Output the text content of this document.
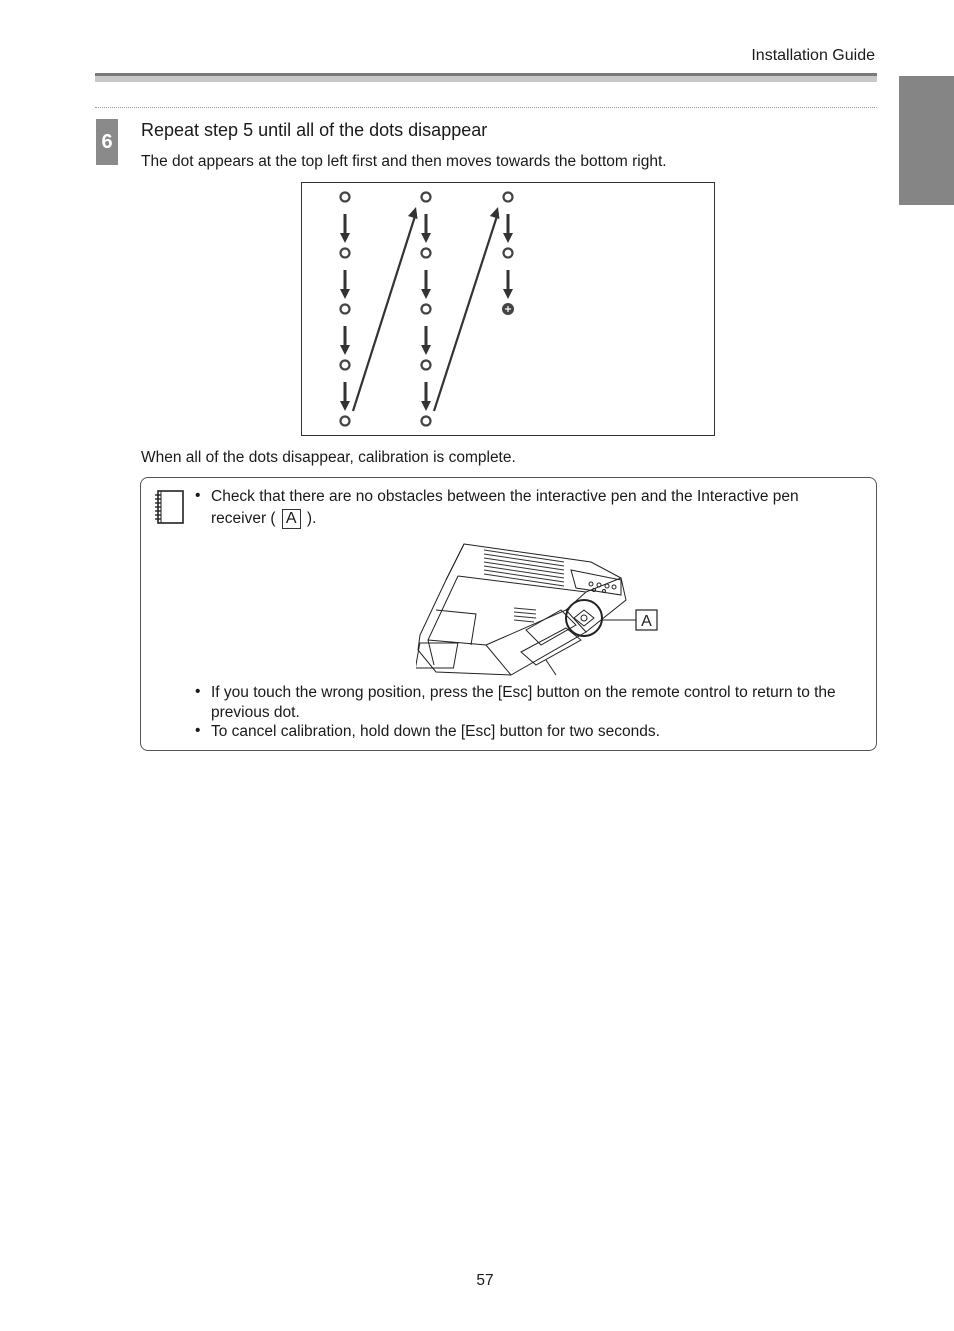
Installation Guide
6
Repeat step 5 until all of the dots disappear
The dot appears at the top left first and then moves towards the bottom right.
When all of the dots disappear, calibration is complete.
• Check that there are no obstacles between the interactive pen and the Interactive pen
receiver ( A ).
A
• If you touch the wrong position, press the [Esc] button on the remote control to return to the
previous dot.
• To cancel calibration, hold down the [Esc] button for two seconds.
57
